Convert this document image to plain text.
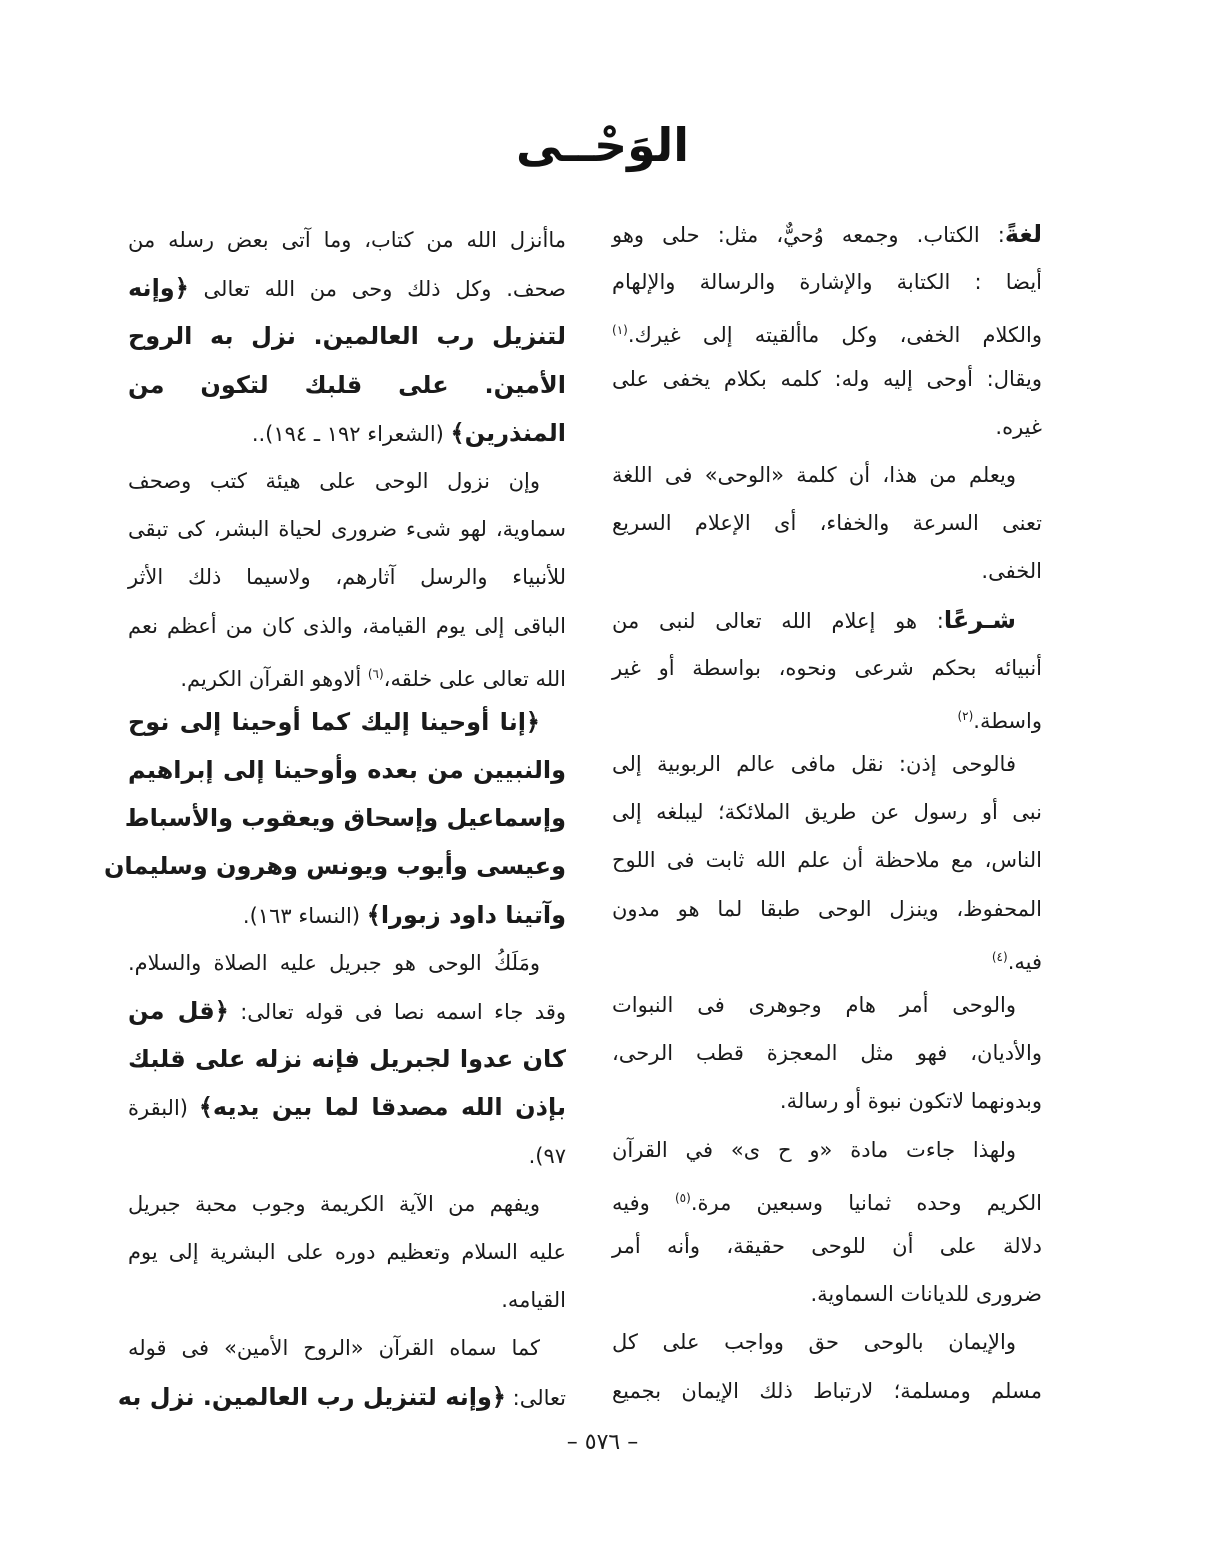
الوَحْــى
لغةً: الكتاب. وجمعه وُحيٌّ، مثل: حلى وهو
أيضا : الكتابة والإشارة والرسالة والإلهام
والكلام الخفى، وكل ماألقيته إلى غيرك.$^{(١)}$
ويقال: أوحى إليه وله: كلمه بكلام يخفى على
غيره.
ويعلم من هذا، أن كلمة «الوحى» فى اللغة
تعنى السرعة والخفاء، أى الإعلام السريع
الخفى.
شـرعًا: هو إعلام الله تعالى لنبى من
أنبيائه بحكم شرعى ونحوه، بواسطة أو غير
واسطة.$^{(٢)}$
فالوحى إذن: نقل مافى عالم الربوبية إلى
نبى أو رسول عن طريق الملائكة؛ ليبلغه إلى
الناس، مع ملاحظة أن علم الله ثابت فى اللوح
المحفوظ، وينزل الوحى طبقا لما هو مدون
فيه.$^{(٤)}$
والوحى أمر هام وجوهرى فى النبوات
والأديان، فهو مثل المعجزة قطب الرحى،
وبدونهما لاتكون نبوة أو رسالة.
ولهذا جاءت مادة «و ح ى» في القرآن
الكريم وحده ثمانيا وسبعين مرة.$^{(٥)}$ وفيه
دلالة على أن للوحى حقيقة، وأنه أمر
ضرورى للديانات السماوية.
والإيمان بالوحى حق وواجب على كل
مسلم ومسلمة؛ لارتباط ذلك الإيمان بجميع
ماأنزل الله من كتاب، وما آتى بعض رسله من
صحف. وكل ذلك وحى من الله تعالى ﴿وإنه
لتنزيل رب العالمين. نزل به الروح
الأمين. على قلبك لتكون من
المنذرين﴾ (الشعراء ١٩٢ ـ ١٩٤)..
وإن نزول الوحى على هيئة كتب وصحف
سماوية، لهو شىء ضرورى لحياة البشر، كى تبقى
للأنبياء والرسل آثارهم، ولاسيما ذلك الأثر
الباقى إلى يوم القيامة، والذى كان من أعظم نعم
الله تعالى على خلقه،$^{(٦)}$ ألاوهو القرآن الكريم.
﴿إنا أوحينا إليك كما أوحينا إلى نوح
والنبيين من بعده وأوحينا إلى إبراهيم
وإسماعيل وإسحاق ويعقوب والأسباط
وعيسى وأيوب ويونس وهرون وسليمان
وآتينا داود زبورا﴾ (النساء ١٦٣).
ومَلَكُ الوحى هو جبريل عليه الصلاة والسلام.
وقد جاء اسمه نصا فى قوله تعالى: ﴿قل من
كان عدوا لجبريل فإنه نزله على قلبك
بإذن الله مصدقا لما بين يديه﴾ (البقرة
٩٧).
ويفهم من الآية الكريمة وجوب محبة جبريل
عليه السلام وتعظيم دوره على البشرية إلى يوم
القيامه.
كما سماه القرآن «الروح الأمين» فى قوله
تعالى: ﴿وإنه لتنزيل رب العالمين. نزل به
– ٥٧٦ –
